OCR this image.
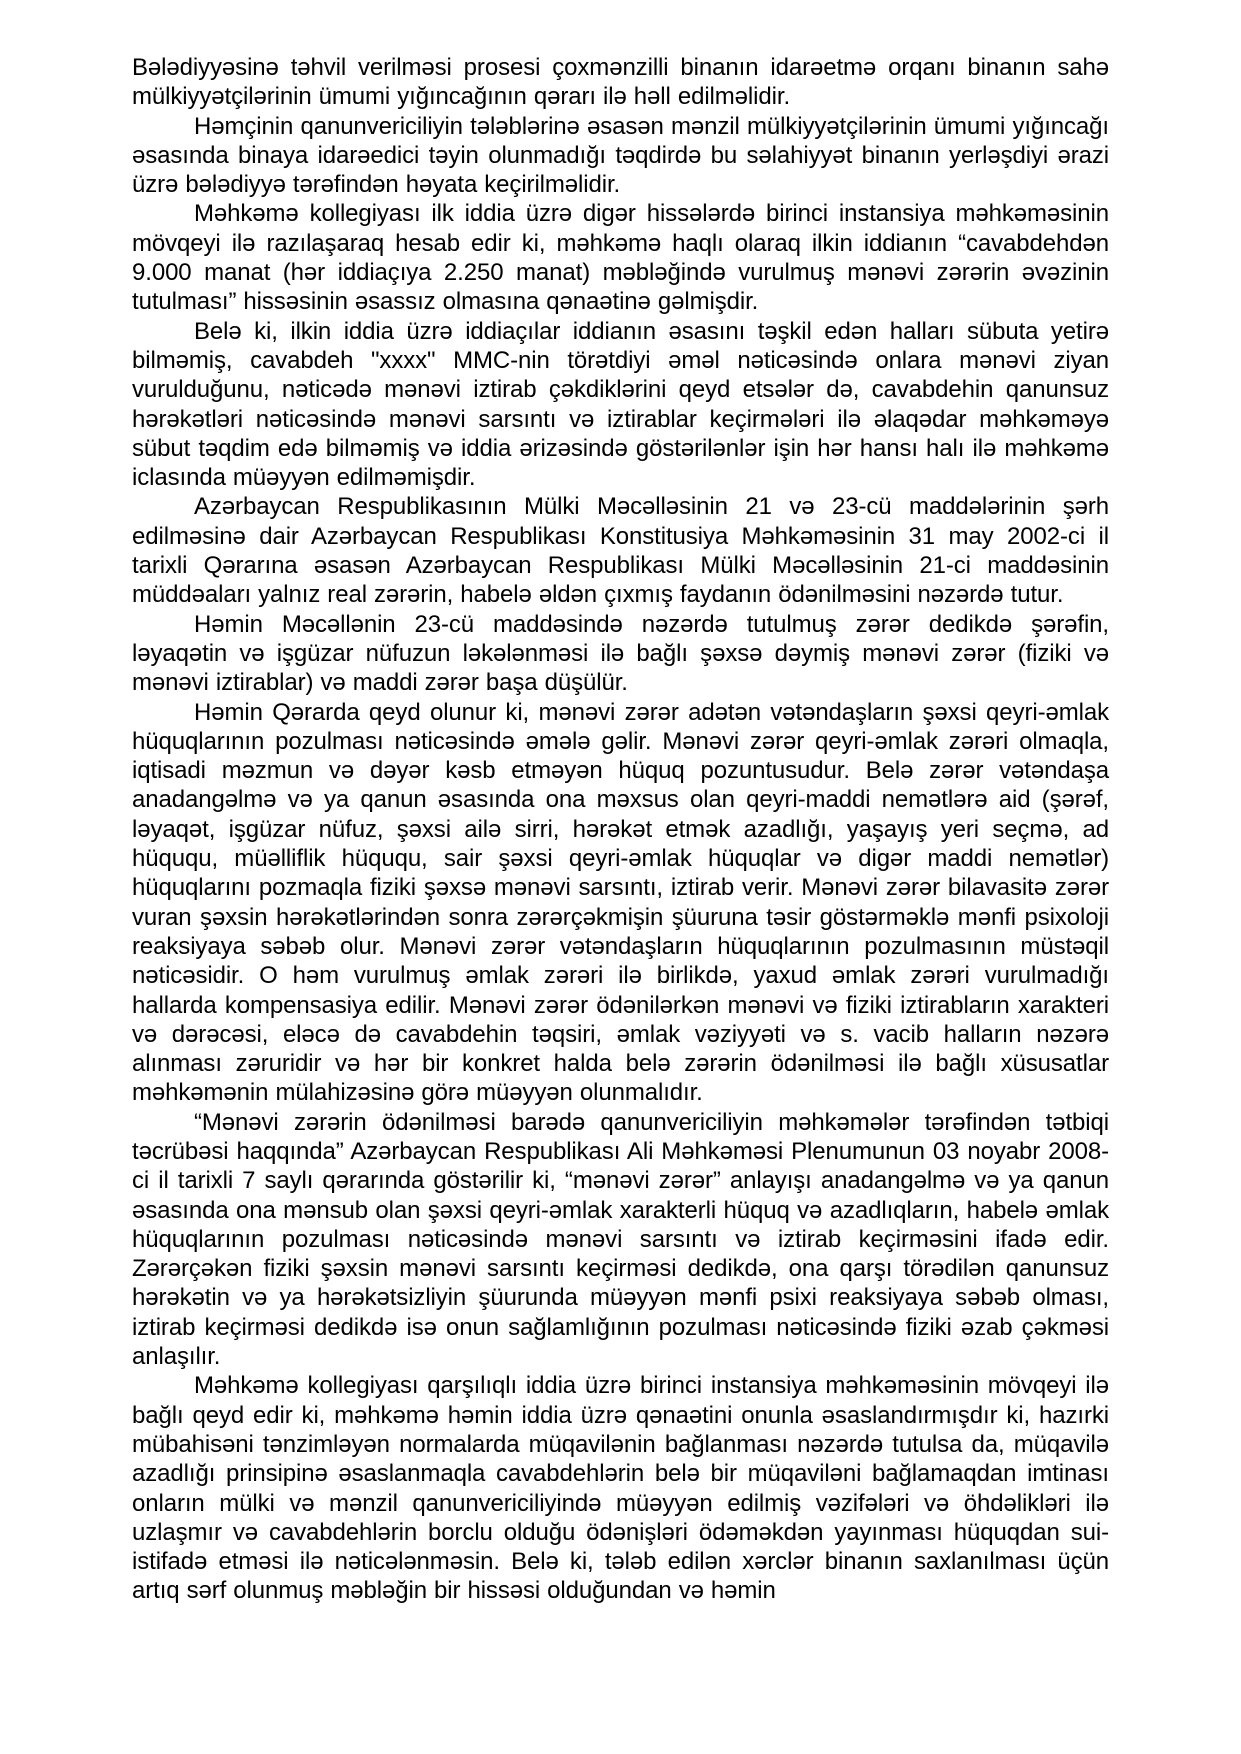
Bələdiyyəsinə təhvil verilməsi prosesi çoxmənzilli binanın idarəetmə orqanı binanın sahə mülkiyyətçilərinin ümumi yığıncağının qərarı ilə həll edilməlidir.

Həmçinin qanunvericiliyin tələblərinə əsasən mənzil mülkiyyətçilərinin ümumi yığıncağı əsasında binaya idarəedici təyin olunmadığı təqdirdə bu səlahiyyət binanın yerləşdiyi ərazi üzrə bələdiyyə tərəfindən həyata keçirilməlidir.

Məhkəmə kollegiyası ilk iddia üzrə digər hissələrdə birinci instansiya məhkəməsinin mövqeyi ilə razılaşaraq hesab edir ki, məhkəmə haqlı olaraq ilkin iddianın “cavabdehdən 9.000 manat (hər iddiaçıya 2.250 manat) məbləğində vurulmuş mənəvi zərərin əvəzinin tutulması” hissəsinin əsassız olmasına qənaətinə gəlmişdir.

Belə ki, ilkin iddia üzrə iddiaçılar iddianın əsasını təşkil edən halları sübuta yetirə bilməmiş, cavabdeh "xxxx" MMC-nin törətdiyi əməl nəticəsində onlara mənəvi ziyan vurulduğunu, nəticədə mənəvi iztirab çəkdiklərini qeyd etsələr də, cavabdehin qanunsuz hərəkətləri nəticəsində mənəvi sarsıntı və iztirablar keçirmələri ilə əlaqədar məhkəməyə sübut təqdim edə bilməmiş və iddia ərizəsində göstərilənlər işin hər hansı halı ilə məhkəmə iclasında müəyyən edilməmişdir.

Azərbaycan Respublikasının Mülki Məcəlləsinin 21 və 23-cü maddələrinin şərh edilməsinə dair Azərbaycan Respublikası Konstitusiya Məhkəməsinin 31 may 2002-ci il tarixli Qərarına əsasən Azərbaycan Respublikası Mülki Məcəlləsinin 21-ci maddəsinin müddəaları yalnız real zərərin, habelə əldən çıxmış faydanın ödənilməsini nəzərdə tutur.

Həmin Məcəllənin 23-cü maddəsində nəzərdə tutulmuş zərər dedikdə şərəfin, ləyaqətin və işgüzar nüfuzun ləkələnməsi ilə bağlı şəxsə dəymiş mənəvi zərər (fiziki və mənəvi iztirablar) və maddi zərər başa düşülür.

Həmin Qərarda qeyd olunur ki, mənəvi zərər adətən vətəndaşların şəxsi qeyri-əmlak hüquqlarının pozulması nəticəsində əmələ gəlir. Mənəvi zərər qeyri-əmlak zərəri olmaqla, iqtisadi məzmun və dəyər kəsb etməyən hüquq pozuntusudur. Belə zərər vətəndaşa anadangəlmə və ya qanun əsasında ona məxsus olan qeyri-maddi nemətlərə aid (şərəf, ləyaqət, işgüzar nüfuz, şəxsi ailə sirri, hərəkət etmək azadlığı, yaşayış yeri seçmə, ad hüququ, müəlliflik hüququ, sair şəxsi qeyri-əmlak hüquqlar və digər maddi nemətlər) hüquqlarını pozmaqla fiziki şəxsə mənəvi sarsıntı, iztirab verir. Mənəvi zərər bilavasitə zərər vuran şəxsin hərəkətlərindən sonra zərərçəkmişin şüuruna təsir göstərməklə mənfi psixoloji reaksiyaya səbəb olur. Mənəvi zərər vətəndaşların hüquqlarının pozulmasının müstəqil nəticəsidir. O həm vurulmuş əmlak zərəri ilə birlikdə, yaxud əmlak zərəri vurulmadığı hallarda kompensasiya edilir. Mənəvi zərər ödənilərkən mənəvi və fiziki iztirabların xarakteri və dərəcəsi, eləcə də cavabdehin təqsiri, əmlak vəziyyəti və s. vacib halların nəzərə alınması zəruridir və hər bir konkret halda belə zərərin ödənilməsi ilə bağlı xüsusatlar məhkəmənin mülahizəsinə görə müəyyən olunmalıdır.

“Mənəvi zərərin ödənilməsi barədə qanunvericiliyin məhkəmələr tərəfindən tətbiqi təcrübəsi haqqında” Azərbaycan Respublikası Ali Məhkəməsi Plenumunun 03 noyabr 2008-ci il tarixli 7 saylı qərarında göstərilir ki, “mənəvi zərər” anlayışı anadangəlmə və ya qanun əsasında ona mənsub olan şəxsi qeyri-əmlak xarakterli hüquq və azadlıqların, habelə əmlak hüquqlarının pozulması nəticəsində mənəvi sarsıntı və iztirab keçirməsini ifadə edir. Zərərçəkən fiziki şəxsin mənəvi sarsıntı keçirməsi dedikdə, ona qarşı törədilən qanunsuz hərəkətin və ya hərəkətsizliyin şüurunda müəyyən mənfi psixi reaksiyaya səbəb olması, iztirab keçirməsi dedikdə isə onun sağlamlığının pozulması nəticəsində fiziki əzab çəkməsi anlaşılır.

Məhkəmə kollegiyası qarşılıqlı iddia üzrə birinci instansiya məhkəməsinin mövqeyi ilə bağlı qeyd edir ki, məhkəmə həmin iddia üzrə qənaətini onunla əsaslandırmışdır ki, hazırki mübahisəni tənzimləyən normalarda müqavilənin bağlanması nəzərdə tutulsa da, müqavilə azadlığı prinsipinə əsaslanmaqla cavabdehlərin belə bir müqaviləni bağlamaqdan imtinası onların mülki və mənzil qanunvericiliyində müəyyən edilmiş vəzifələri və öhdəlikləri ilə uzlaşmır və cavabdehlərin borclu olduğu ödənişləri ödəməkdən yayınması hüquqdan sui-istifadə etməsi ilə nəticələnməsin. Belə ki, tələb edilən xərclər binanın saxlanılması üçün artıq sərf olunmuş məbləğin bir hissəsi olduğundan və həmin
